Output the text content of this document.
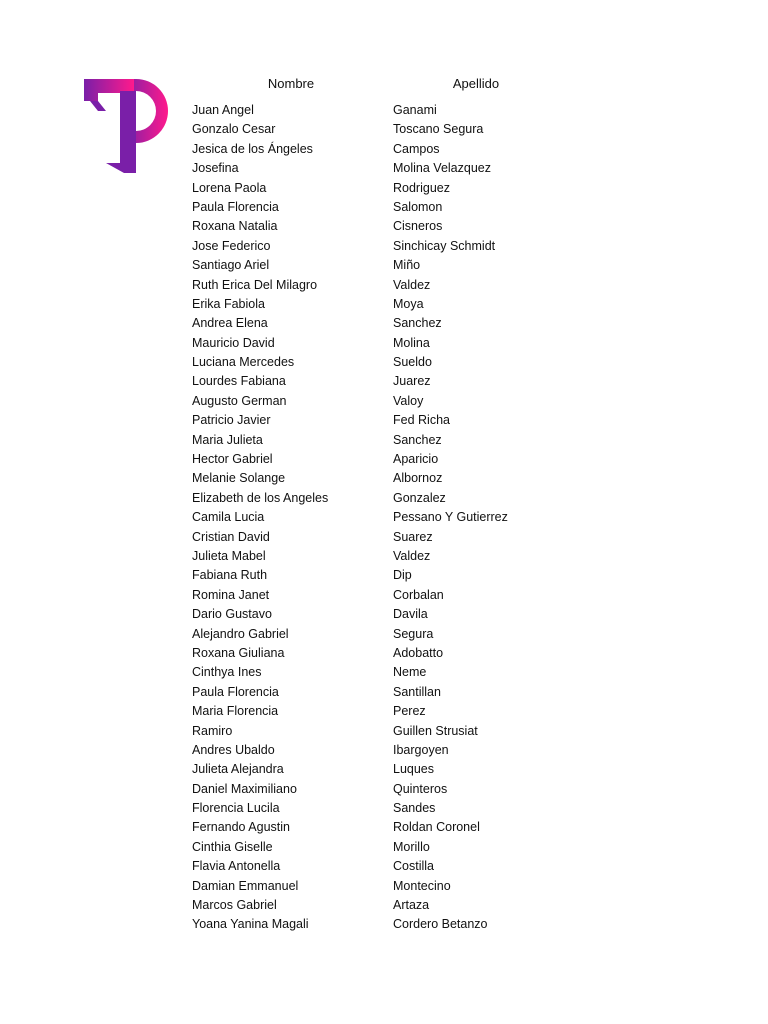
Nombre	Apellido
Juan Angel	Ganami
Gonzalo Cesar	Toscano Segura
Jesica de los Ángeles	Campos
Josefina	Molina Velazquez
Lorena Paola	Rodriguez
Paula Florencia	Salomon
Roxana Natalia	Cisneros
Jose Federico	Sinchicay Schmidt
Santiago Ariel	Miño
Ruth Erica Del Milagro	Valdez
Erika Fabiola	Moya
Andrea Elena	Sanchez
Mauricio David	Molina
Luciana Mercedes	Sueldo
Lourdes Fabiana	Juarez
Augusto German	Valoy
Patricio Javier	Fed Richa
Maria Julieta	Sanchez
Hector Gabriel	Aparicio
Melanie Solange	Albornoz
Elizabeth de los Angeles	Gonzalez
Camila Lucia	Pessano Y Gutierrez
Cristian David	Suarez
Julieta Mabel	Valdez
Fabiana Ruth	Dip
Romina Janet	Corbalan
Dario Gustavo	Davila
Alejandro Gabriel	Segura
Roxana Giuliana	Adobatto
Cinthya Ines	Neme
Paula Florencia	Santillan
Maria Florencia	Perez
Ramiro	Guillen Strusiat
Andres Ubaldo	Ibargoyen
Julieta Alejandra	Luques
Daniel Maximiliano	Quinteros
Florencia Lucila	Sandes
Fernando Agustin	Roldan Coronel
Cinthia Giselle	Morillo
Flavia Antonella	Costilla
Damian Emmanuel	Montecino
Marcos Gabriel	Artaza
Yoana Yanina Magali	Cordero Betanzo
